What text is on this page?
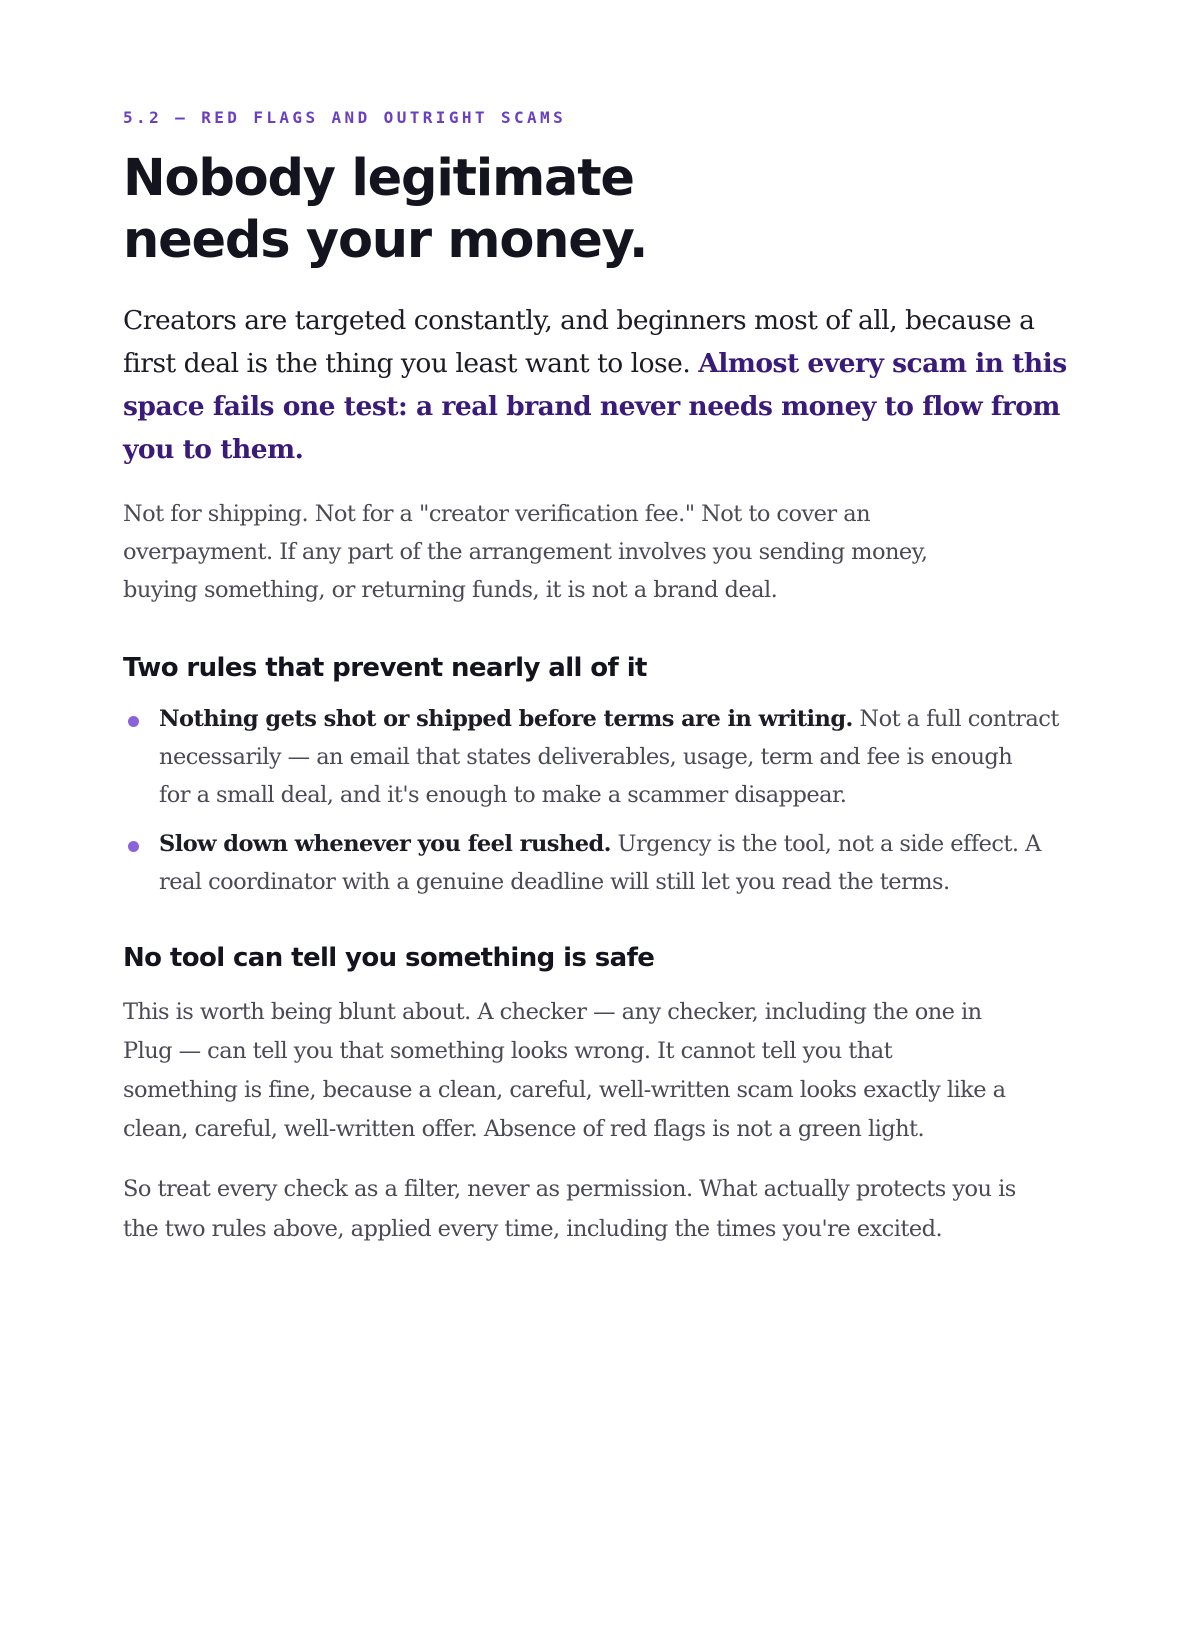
5.2 — RED FLAGS AND OUTRIGHT SCAMS
Nobody legitimate
needs your money.

Creators are targeted constantly, and beginners most of all, because a
first deal is the thing you least want to lose. Almost every scam in this
space fails one test: a real brand never needs money to flow from
you to them.

Not for shipping. Not for a "creator verification fee." Not to cover an
overpayment. If any part of the arrangement involves you sending money,
buying something, or returning funds, it is not a brand deal.

Two rules that prevent nearly all of it
Nothing gets shot or shipped before terms are in writing. Not a full contract
necessarily — an email that states deliverables, usage, term and fee is enough
for a small deal, and it's enough to make a scammer disappear.
Slow down whenever you feel rushed. Urgency is the tool, not a side effect. A
real coordinator with a genuine deadline will still let you read the terms.
No tool can tell you something is safe

This is worth being blunt about. A checker — any checker, including the one in
Plug — can tell you that something looks wrong. It cannot tell you that
something is fine, because a clean, careful, well-written scam looks exactly like a
clean, careful, well-written offer. Absence of red flags is not a green light.

So treat every check as a filter, never as permission. What actually protects you is
the two rules above, applied every time, including the times you're excited.
